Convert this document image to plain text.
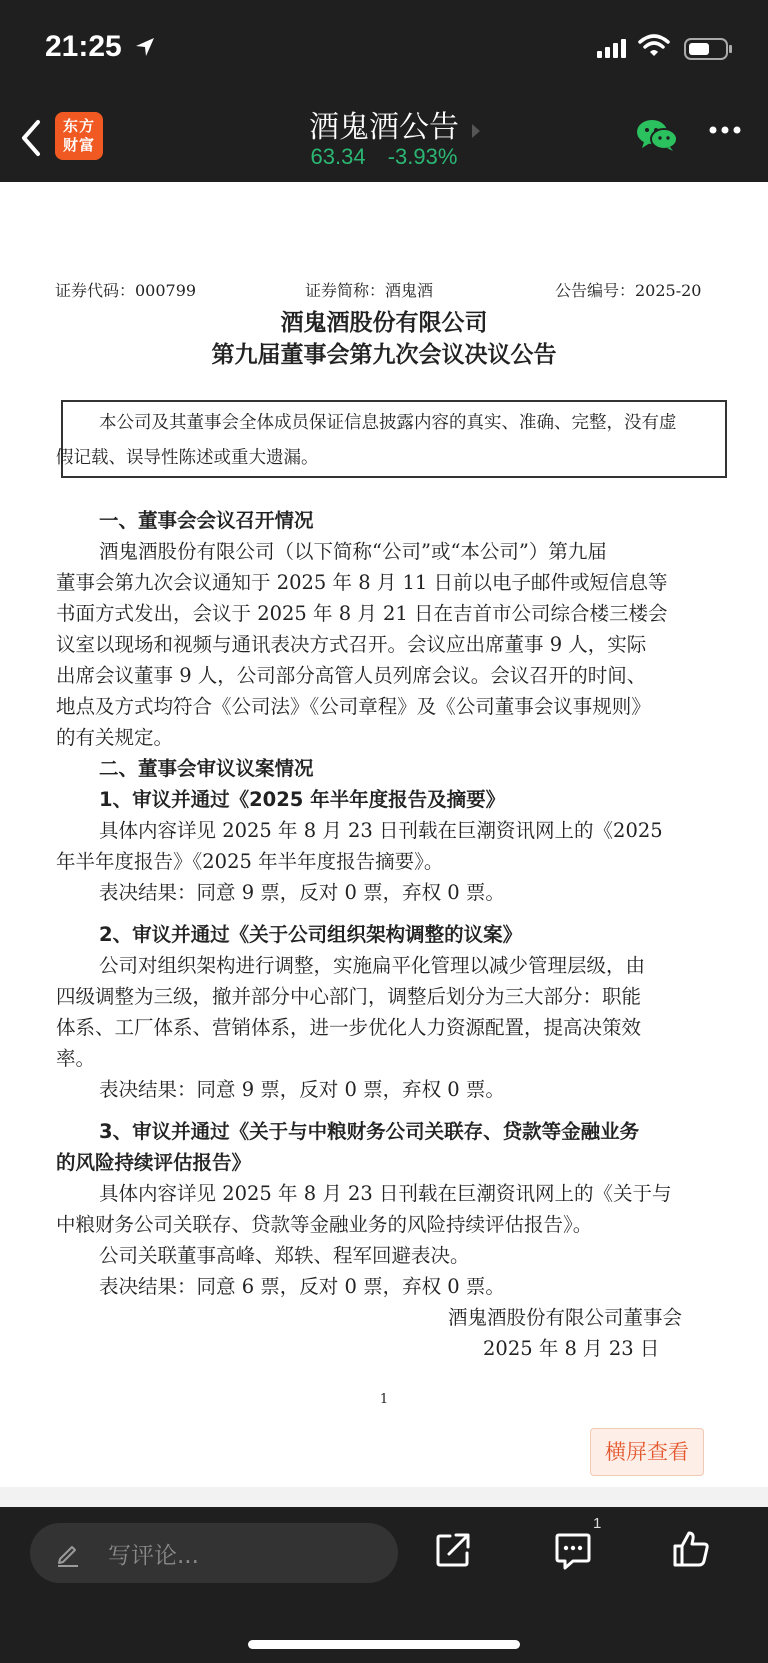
21:25
东方
财富	酒鬼酒公告
63.34 -3.93%
证券代码：000799	证券简称：酒鬼酒	公告编号：2025-20
酒鬼酒股份有限公司
第九届董事会第九次会议决议公告
本公司及其董事会全体成员保证信息披露内容的真实、准确、完整，没有虚
假记载、误导性陈述或重大遗漏。
一、董事会会议召开情况
酒鬼酒股份有限公司（以下简称“公司”或“本公司”）第九届
董事会第九次会议通知于 2025 年 8 月 11 日前以电子邮件或短信息等
书面方式发出，会议于 2025 年 8 月 21 日在吉首市公司综合楼三楼会
议室以现场和视频与通讯表决方式召开。会议应出席董事 9 人，实际
出席会议董事 9 人，公司部分高管人员列席会议。会议召开的时间、
地点及方式均符合《公司法》《公司章程》及《公司董事会议事规则》
的有关规定。
二、董事会审议议案情况
1、审议并通过《2025 年半年度报告及摘要》
具体内容详见 2025 年 8 月 23 日刊载在巨潮资讯网上的《2025
年半年度报告》《2025 年半年度报告摘要》。
表决结果：同意 9 票，反对 0 票，弃权 0 票。
2、审议并通过《关于公司组织架构调整的议案》
公司对组织架构进行调整，实施扁平化管理以减少管理层级，由
四级调整为三级，撤并部分中心部门，调整后划分为三大部分：职能
体系、工厂体系、营销体系，进一步优化人力资源配置，提高决策效
率。
表决结果：同意 9 票，反对 0 票，弃权 0 票。
3、审议并通过《关于与中粮财务公司关联存、贷款等金融业务
的风险持续评估报告》
具体内容详见 2025 年 8 月 23 日刊载在巨潮资讯网上的《关于与
中粮财务公司关联存、贷款等金融业务的风险持续评估报告》。
公司关联董事高峰、郑轶、程军回避表决。
表决结果：同意 6 票，反对 0 票，弃权 0 票。
酒鬼酒股份有限公司董事会
2025 年 8 月 23 日
1
横屏查看
写评论...
1
